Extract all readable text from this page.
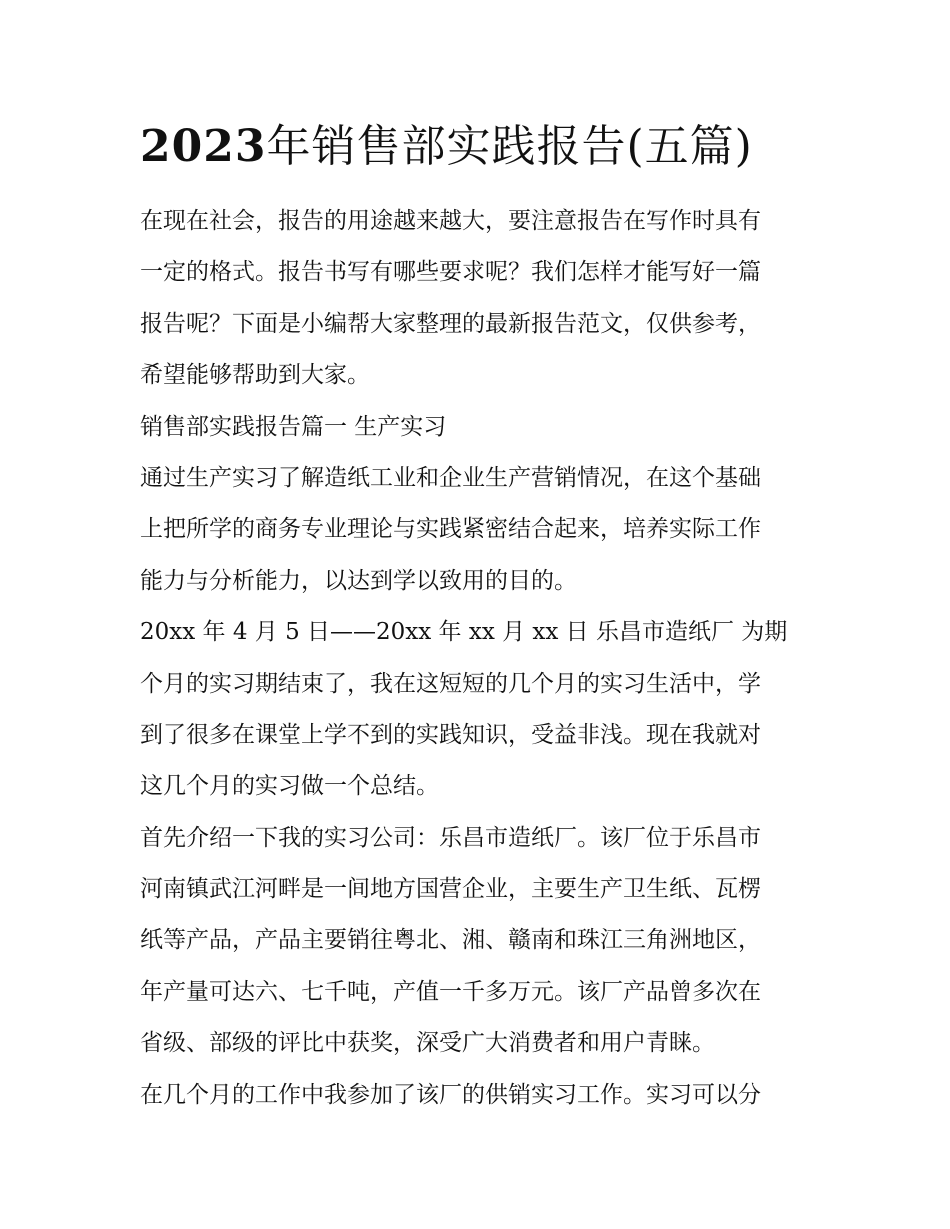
2023年销售部实践报告(五篇)
在现在社会，报告的用途越来越大，要注意报告在写作时具有
一定的格式。报告书写有哪些要求呢？我们怎样才能写好一篇
报告呢？下面是小编帮大家整理的最新报告范文，仅供参考，
希望能够帮助到大家。
销售部实践报告篇一 生产实习
通过生产实习了解造纸工业和企业生产营销情况，在这个基础
上把所学的商务专业理论与实践紧密结合起来，培养实际工作
能力与分析能力，以达到学以致用的目的。
20xx 年 4 月 5 日——20xx 年 xx 月 xx 日 乐昌市造纸厂 为期
个月的实习期结束了，我在这短短的几个月的实习生活中，学
到了很多在课堂上学不到的实践知识，受益非浅。现在我就对
这几个月的实习做一个总结。
首先介绍一下我的实习公司：乐昌市造纸厂。该厂位于乐昌市
河南镇武江河畔是一间地方国营企业，主要生产卫生纸、瓦楞
纸等产品，产品主要销往粤北、湘、赣南和珠江三角洲地区，
年产量可达六、七千吨，产值一千多万元。该厂产品曾多次在
省级、部级的评比中获奖，深受广大消费者和用户青睐。
在几个月的工作中我参加了该厂的供销实习工作。实习可以分
